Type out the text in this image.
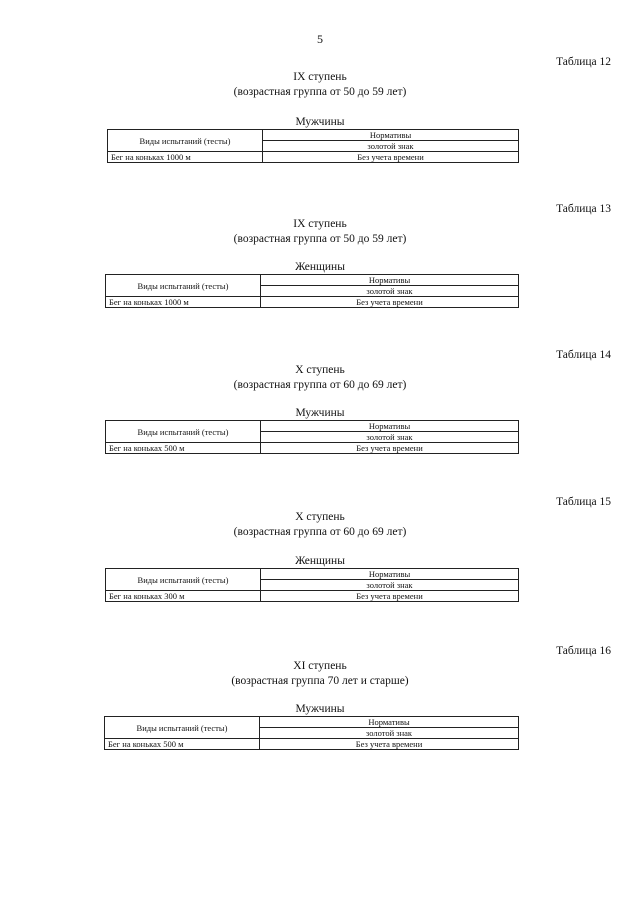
5
Таблица 12
IX ступень
(возрастная группа от 50 до 59 лет)
Мужчины
Виды испытаний (тесты)	Нормативы
	золотой знак
Бег на коньках 1000 м	Без учета времени
Таблица 13
IX ступень
(возрастная группа от 50 до 59 лет)
Женщины
Виды испытаний (тесты)	Нормативы
	золотой знак
Бег на коньках 1000 м	Без учета времени
Таблица 14
X ступень
(возрастная группа от 60 до 69 лет)
Мужчины
Виды испытаний (тесты)	Нормативы
	золотой знак
Бег на коньках 500 м	Без учета времени
Таблица 15
X ступень
(возрастная группа от 60 до 69 лет)
Женщины
Виды испытаний (тесты)	Нормативы
	золотой знак
Бег на коньках 300 м	Без учета времени
Таблица 16
XI ступень
(возрастная группа 70 лет и старше)
Мужчины
Виды испытаний (тесты)	Нормативы
	золотой знак
Бег на коньках 500 м	Без учета времени
